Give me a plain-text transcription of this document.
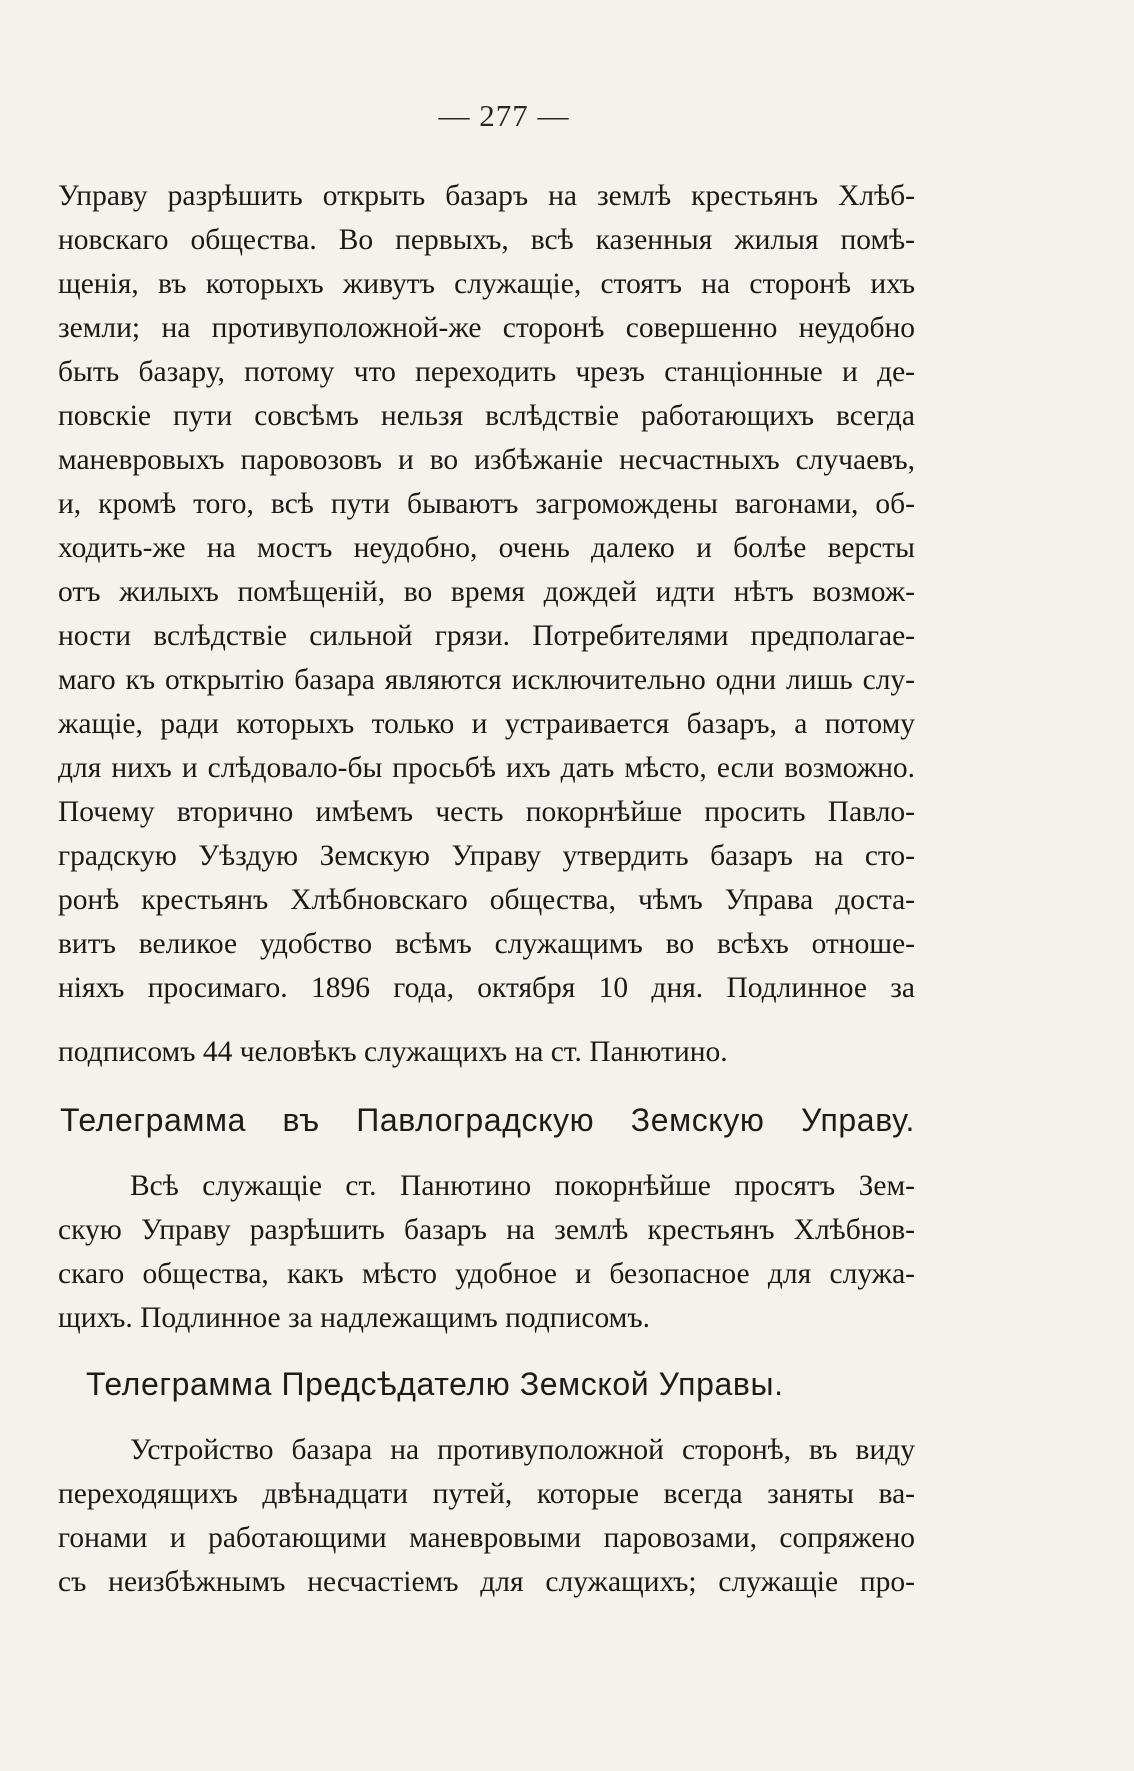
— 277 —
Управу разрѣшить открыть базаръ на землѣ крестьянъ Хлѣб-
новскаго общества. Во первыхъ, всѣ казенныя жилыя помѣ-
щенія, въ которыхъ живутъ служащіе, стоятъ на сторонѣ ихъ
земли; на противуположной-же сторонѣ совершенно неудобно
быть базару, потому что переходить чрезъ станціонные и де-
повскіе пути совсѣмъ нельзя вслѣдствіе работающихъ всегда
маневровыхъ паровозовъ и во избѣжаніе несчастныхъ случаевъ,
и, кромѣ того, всѣ пути бываютъ загромождены вагонами, об-
ходить-же на мостъ неудобно, очень далеко и болѣе версты
отъ жилыхъ помѣщеній, во время дождей идти нѣтъ возмож-
ности вслѣдствіе сильной грязи. Потребителями предполагае-
маго къ открытію базара являются исключительно одни лишь слу-
жащіе, ради которыхъ только и устраивается базаръ, а потому
для нихъ и слѣдовало-бы просьбѣ ихъ дать мѣсто, если возможно.
Почему вторично имѣемъ честь покорнѣйше просить Павло-
градскую Уѣздую Земскую Управу утвердить базаръ на сто-
ронѣ крестьянъ Хлѣбновскаго общества, чѣмъ Управа доста-
витъ великое удобство всѣмъ служащимъ во всѣхъ отноше-
ніяхъ просимаго. 1896 года, октября 10 дня. Подлинное за
подписомъ 44 человѣкъ служащихъ на ст. Панютино.
Телеграмма въ Павлоградскую Земскую Управу.
Всѣ служащіе ст. Панютино покорнѣйше просятъ Зем-
скую Управу разрѣшить базаръ на землѣ крестьянъ Хлѣбнов-
скаго общества, какъ мѣсто удобное и безопасное для служа-
щихъ. Подлинное за надлежащимъ подписомъ.
Телеграмма Предсѣдателю Земской Управы.
Устройство базара на противуположной сторонѣ, въ виду
переходящихъ двѣнадцати путей, которые всегда заняты ва-
гонами и работающими маневровыми паровозами, сопряжено
съ неизбѣжнымъ несчастіемъ для служащихъ; служащіе про-
